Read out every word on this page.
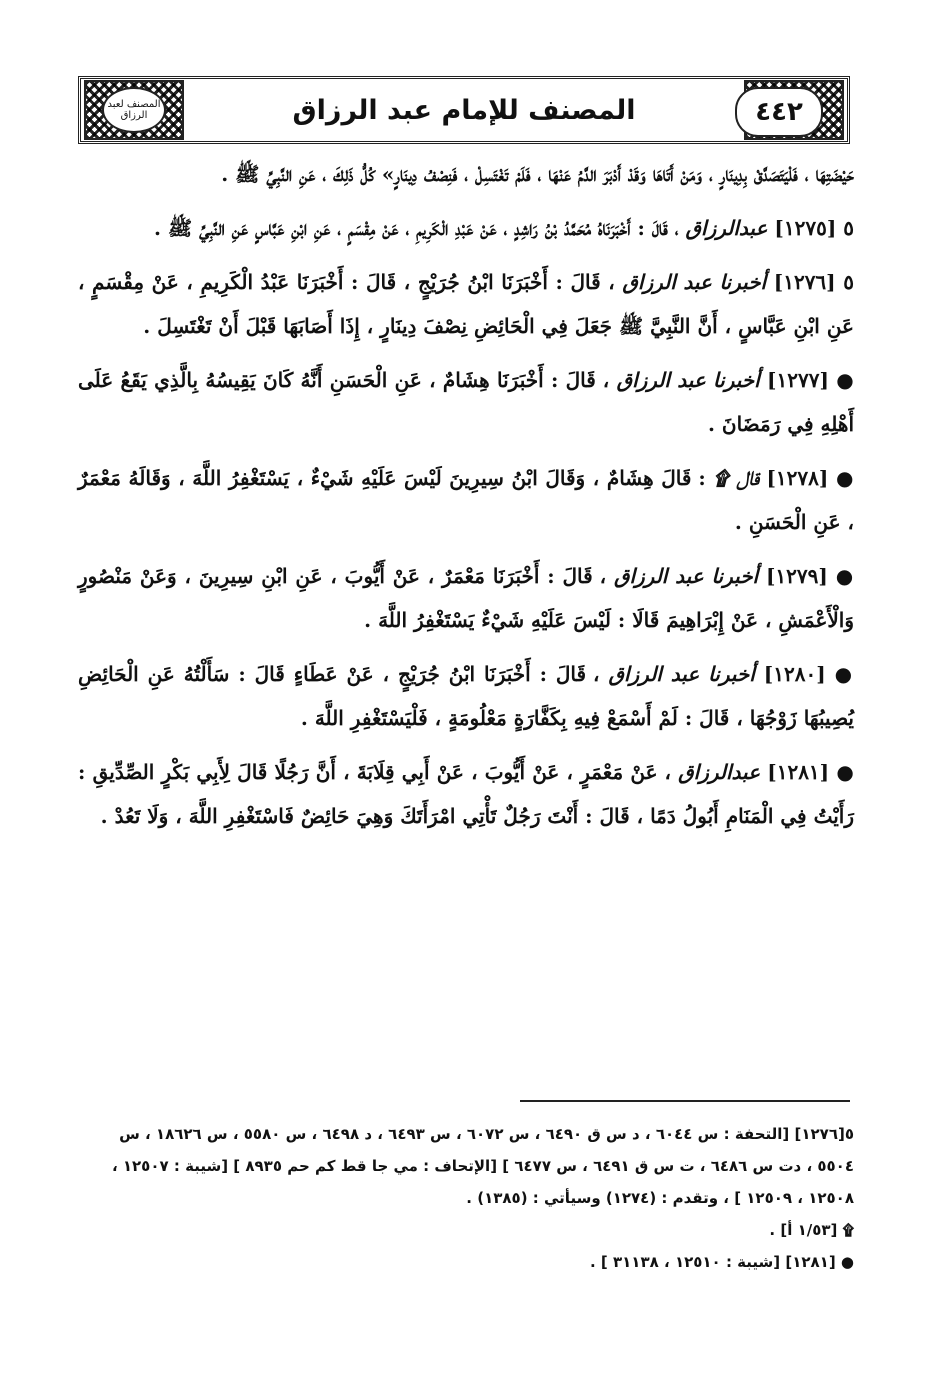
المصنف لعبد الرزاق	المصنف للإمام عبد الرزاق	٤٤٢

حَيْضَتِهَا ، فَلْيَتَصَدَّقْ بِدِينَارٍ ، وَمَنْ أَتَاهَا وَقَدْ أَدْبَرَ الدَّمُ عَنْهَا ، فَلَمْ تَغْتَسِلْ ، فَنِصْفُ دِينَارٍ» كُلُّ ذَلِكَ ، عَنِ النَّبِيِّ ﷺ .

٥ [١٢٧٥] عبدالرزاق ، قَالَ : أَخْبَرَنَاهُ مُحَمَّدُ بْنُ رَاشِدٍ ، عَنْ عَبْدِ الْكَرِيمِ ، عَنْ مِقْسَمٍ ، عَنِ ابْنِ عَبَّاسٍ عَنِ النَّبِيِّ ﷺ .

٥ [١٢٧٦] أخبرنا عبد الرزاق ، قَالَ : أَخْبَرَنَا ابْنُ جُرَيْجٍ ، قَالَ : أَخْبَرَنَا عَبْدُ الْكَرِيمِ ، عَنْ مِقْسَمٍ ، عَنِ ابْنِ عَبَّاسٍ ، أَنَّ النَّبِيَّ ﷺ جَعَلَ فِي الْحَائِضِ نِصْفَ دِينَارٍ ، إِذَا أَصَابَهَا قَبْلَ أَنْ تَغْتَسِلَ .

● [١٢٧٧] أخبرنا عبد الرزاق ، قَالَ : أَخْبَرَنَا هِشَامٌ ، عَنِ الْحَسَنِ أَنَّهُ كَانَ يَقِيسُهُ بِالَّذِي يَقَعُ عَلَى أَهْلِهِ فِي رَمَضَانَ .

● [١٢٧٨] قال ۩ : قَالَ هِشَامٌ ، وَقَالَ ابْنُ سِيرِينَ لَيْسَ عَلَيْهِ شَيْءٌ ، يَسْتَغْفِرُ اللَّهَ ، وَقَالَهُ مَعْمَرٌ ، عَنِ الْحَسَنِ .

● [١٢٧٩] أخبرنا عبد الرزاق ، قَالَ : أَخْبَرَنَا مَعْمَرٌ ، عَنْ أَيُّوبَ ، عَنِ ابْنِ سِيرِينَ ، وَعَنْ مَنْصُورٍ وَالْأَعْمَشِ ، عَنْ إِبْرَاهِيمَ قَالَا : لَيْسَ عَلَيْهِ شَيْءٌ يَسْتَغْفِرُ اللَّهَ .

● [١٢٨٠] أخبرنا عبد الرزاق ، قَالَ : أَخْبَرَنَا ابْنُ جُرَيْجٍ ، عَنْ عَطَاءٍ قَالَ : سَأَلْتُهُ عَنِ الْحَائِضِ يُصِيبُهَا زَوْجُهَا ، قَالَ : لَمْ أَسْمَعْ فِيهِ بِكَفَّارَةٍ مَعْلُومَةٍ ، فَلْيَسْتَغْفِرِ اللَّهَ .

● [١٢٨١] عبدالرزاق ، عَنْ مَعْمَرٍ ، عَنْ أَيُّوبَ ، عَنْ أَبِي قِلَابَةَ ، أَنَّ رَجُلًا قَالَ لِأَبِي بَكْرٍ الصِّدِّيقِ : رَأَيْتُ فِي الْمَنَامِ أَبُولُ دَمًا ، قَالَ : أَنْتَ رَجُلٌ تَأْتِي امْرَأَتَكَ وَهِيَ حَائِضٌ فَاسْتَغْفِرِ اللَّهَ ، وَلَا تَعُدْ .

٥[١٢٧٦] [التحفة : س ٦٠٤٤ ، د س ق ٦٤٩٠ ، س ٦٠٧٢ ، س ٦٤٩٣ ، د ٦٤٩٨ ، س ٥٥٨٠ ، س ١٨٦٢٦ ، س ٥٥٠٤ ، دت س ٦٤٨٦ ، ت س ق ٦٤٩١ ، س ٦٤٧٧ ] [الإتحاف : مي جا قط كم حم ٨٩٣٥ ] [شيبة : ١٢٥٠٧ ، ١٢٥٠٨ ، ١٢٥٠٩ ] ، وتقدم : (١٢٧٤) وسيأتي : (١٣٨٥) .

۩ [١/٥٣ أ] .

● [١٢٨١] [شيبة : ١٢٥١٠ ، ٣١١٣٨ ] .
